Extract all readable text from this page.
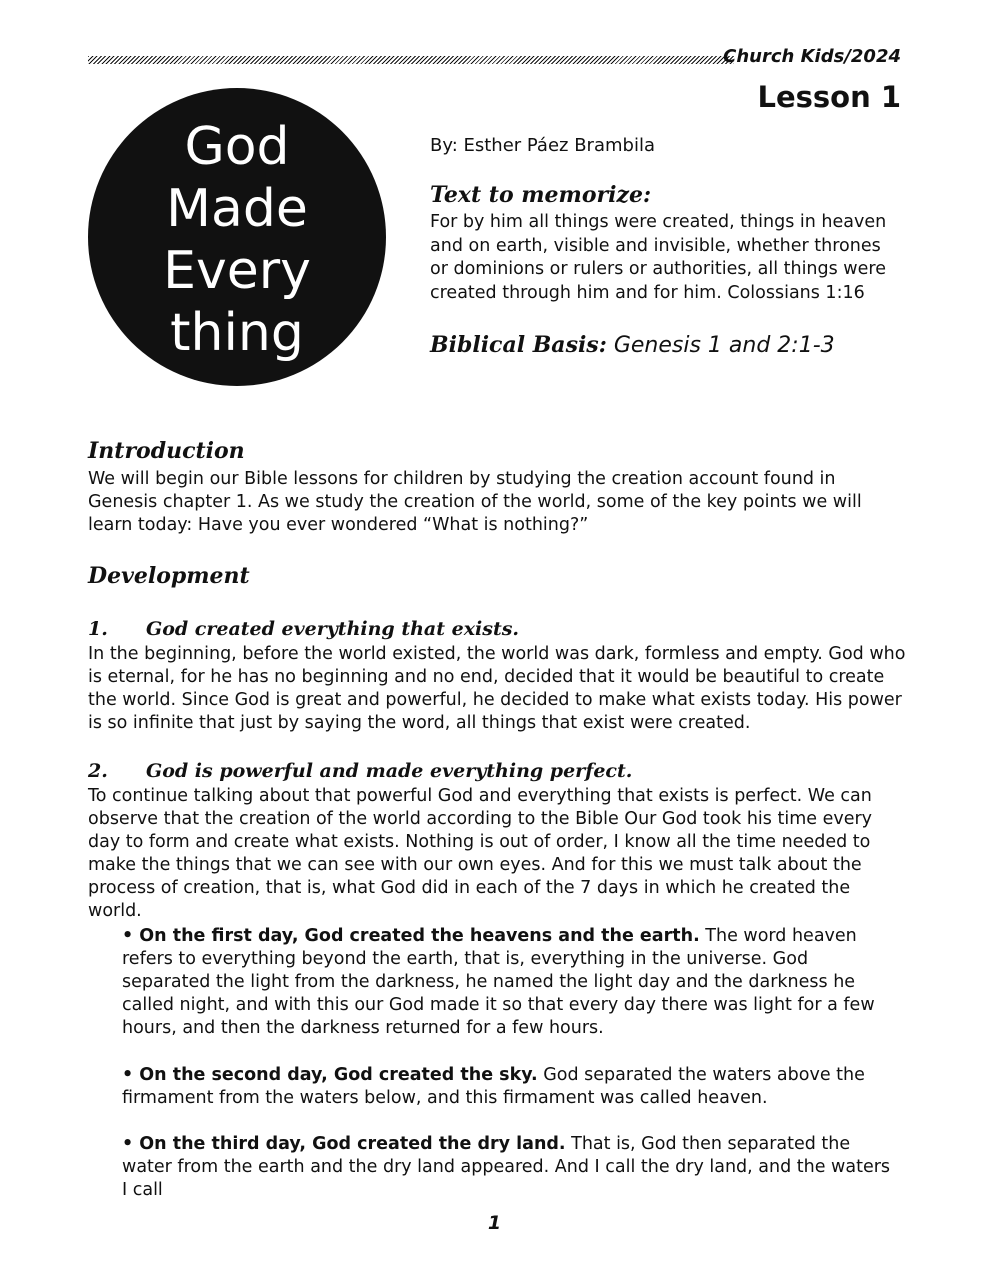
Church Kids/2024
Lesson 1
God
Made
Every
thing
By: Esther Páez Brambila
Text to memorize:
For by him all things were created, things in heaven and on earth, visible and invisible, whether thrones or dominions or rulers or authorities, all things were created through him and for him. Colossians 1:16
Biblical Basis: Genesis 1 and 2:1-3
Introduction
We will begin our Bible lessons for children by studying the creation account found in Genesis chapter 1. As we study the creation of the world, some of the key points we will learn today: Have you ever wondered “What is nothing?”
Development
1. God created everything that exists.
In the beginning, before the world existed, the world was dark, formless and empty. God who is eternal, for he has no beginning and no end, decided that it would be beautiful to create the world. Since God is great and powerful, he decided to make what exists today. His power is so infinite that just by saying the word, all things that exist were created.
2. God is powerful and made everything perfect.
To continue talking about that powerful God and everything that exists is perfect. We can observe that the creation of the world according to the Bible Our God took his time every day to form and create what exists. Nothing is out of order, I know all the time needed to make the things that we can see with our own eyes. And for this we must talk about the process of creation, that is, what God did in each of the 7 days in which he created the world.
• On the first day, God created the heavens and the earth. The word heaven refers to everything beyond the earth, that is, everything in the universe. God separated the light from the darkness, he named the light day and the darkness he called night, and with this our God made it so that every day there was light for a few hours, and then the darkness returned for a few hours.
• On the second day, God created the sky. God separated the waters above the firmament from the waters below, and this firmament was called heaven.
• On the third day, God created the dry land. That is, God then separated the water from the earth and the dry land appeared. And I call the dry land, and the waters I call
1
